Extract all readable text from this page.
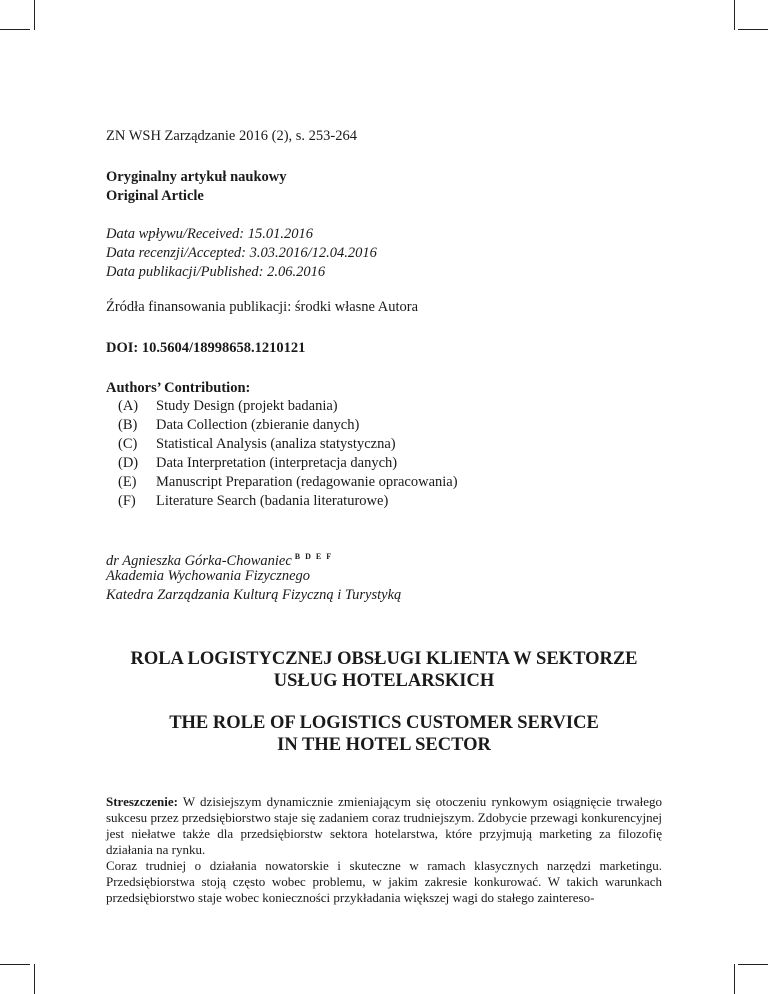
ZN WSH Zarządzanie 2016 (2), s. 253-264
Oryginalny artykuł naukowy
Original Article
Data wpływu/Received: 15.01.2016
Data recenzji/Accepted: 3.03.2016/12.04.2016
Data publikacji/Published: 2.06.2016
Źródła finansowania publikacji: środki własne Autora
DOI: 10.5604/18998658.1210121
Authors’ Contribution:
(A) Study Design (projekt badania)
(B) Data Collection (zbieranie danych)
(C) Statistical Analysis (analiza statystyczna)
(D) Data Interpretation (interpretacja danych)
(E) Manuscript Preparation (redagowanie opracowania)
(F) Literature Search (badania literaturowe)
dr Agnieszka Górka-Chowaniec $^{B D E F}$
Akademia Wychowania Fizycznego
Katedra Zarządzania Kulturą Fizyczną i Turystyką
ROLA LOGISTYCZNEJ OBSŁUGI KLIENTA W SEKTORZE
USŁUG HOTELARSKICH
THE ROLE OF LOGISTICS CUSTOMER SERVICE
IN THE HOTEL SECTOR

Streszczenie: W dzisiejszym dynamicznie zmieniającym się otoczeniu rynkowym osiągnięcie trwałego sukcesu przez przedsiębiorstwo staje się zadaniem coraz trudniejszym. Zdobycie przewagi konkurencyjnej jest niełatwe także dla przedsiębiorstw sektora hotelarstwa, które przyjmują marketing za filozofię działania na rynku.

Coraz trudniej o działania nowatorskie i skuteczne w ramach klasycznych narzędzi marketingu. Przedsiębiorstwa stoją często wobec problemu, w jakim zakresie konkurować. W takich warunkach przedsiębiorstwo staje wobec konieczności przykładania większej wagi do stałego zaintereso-
